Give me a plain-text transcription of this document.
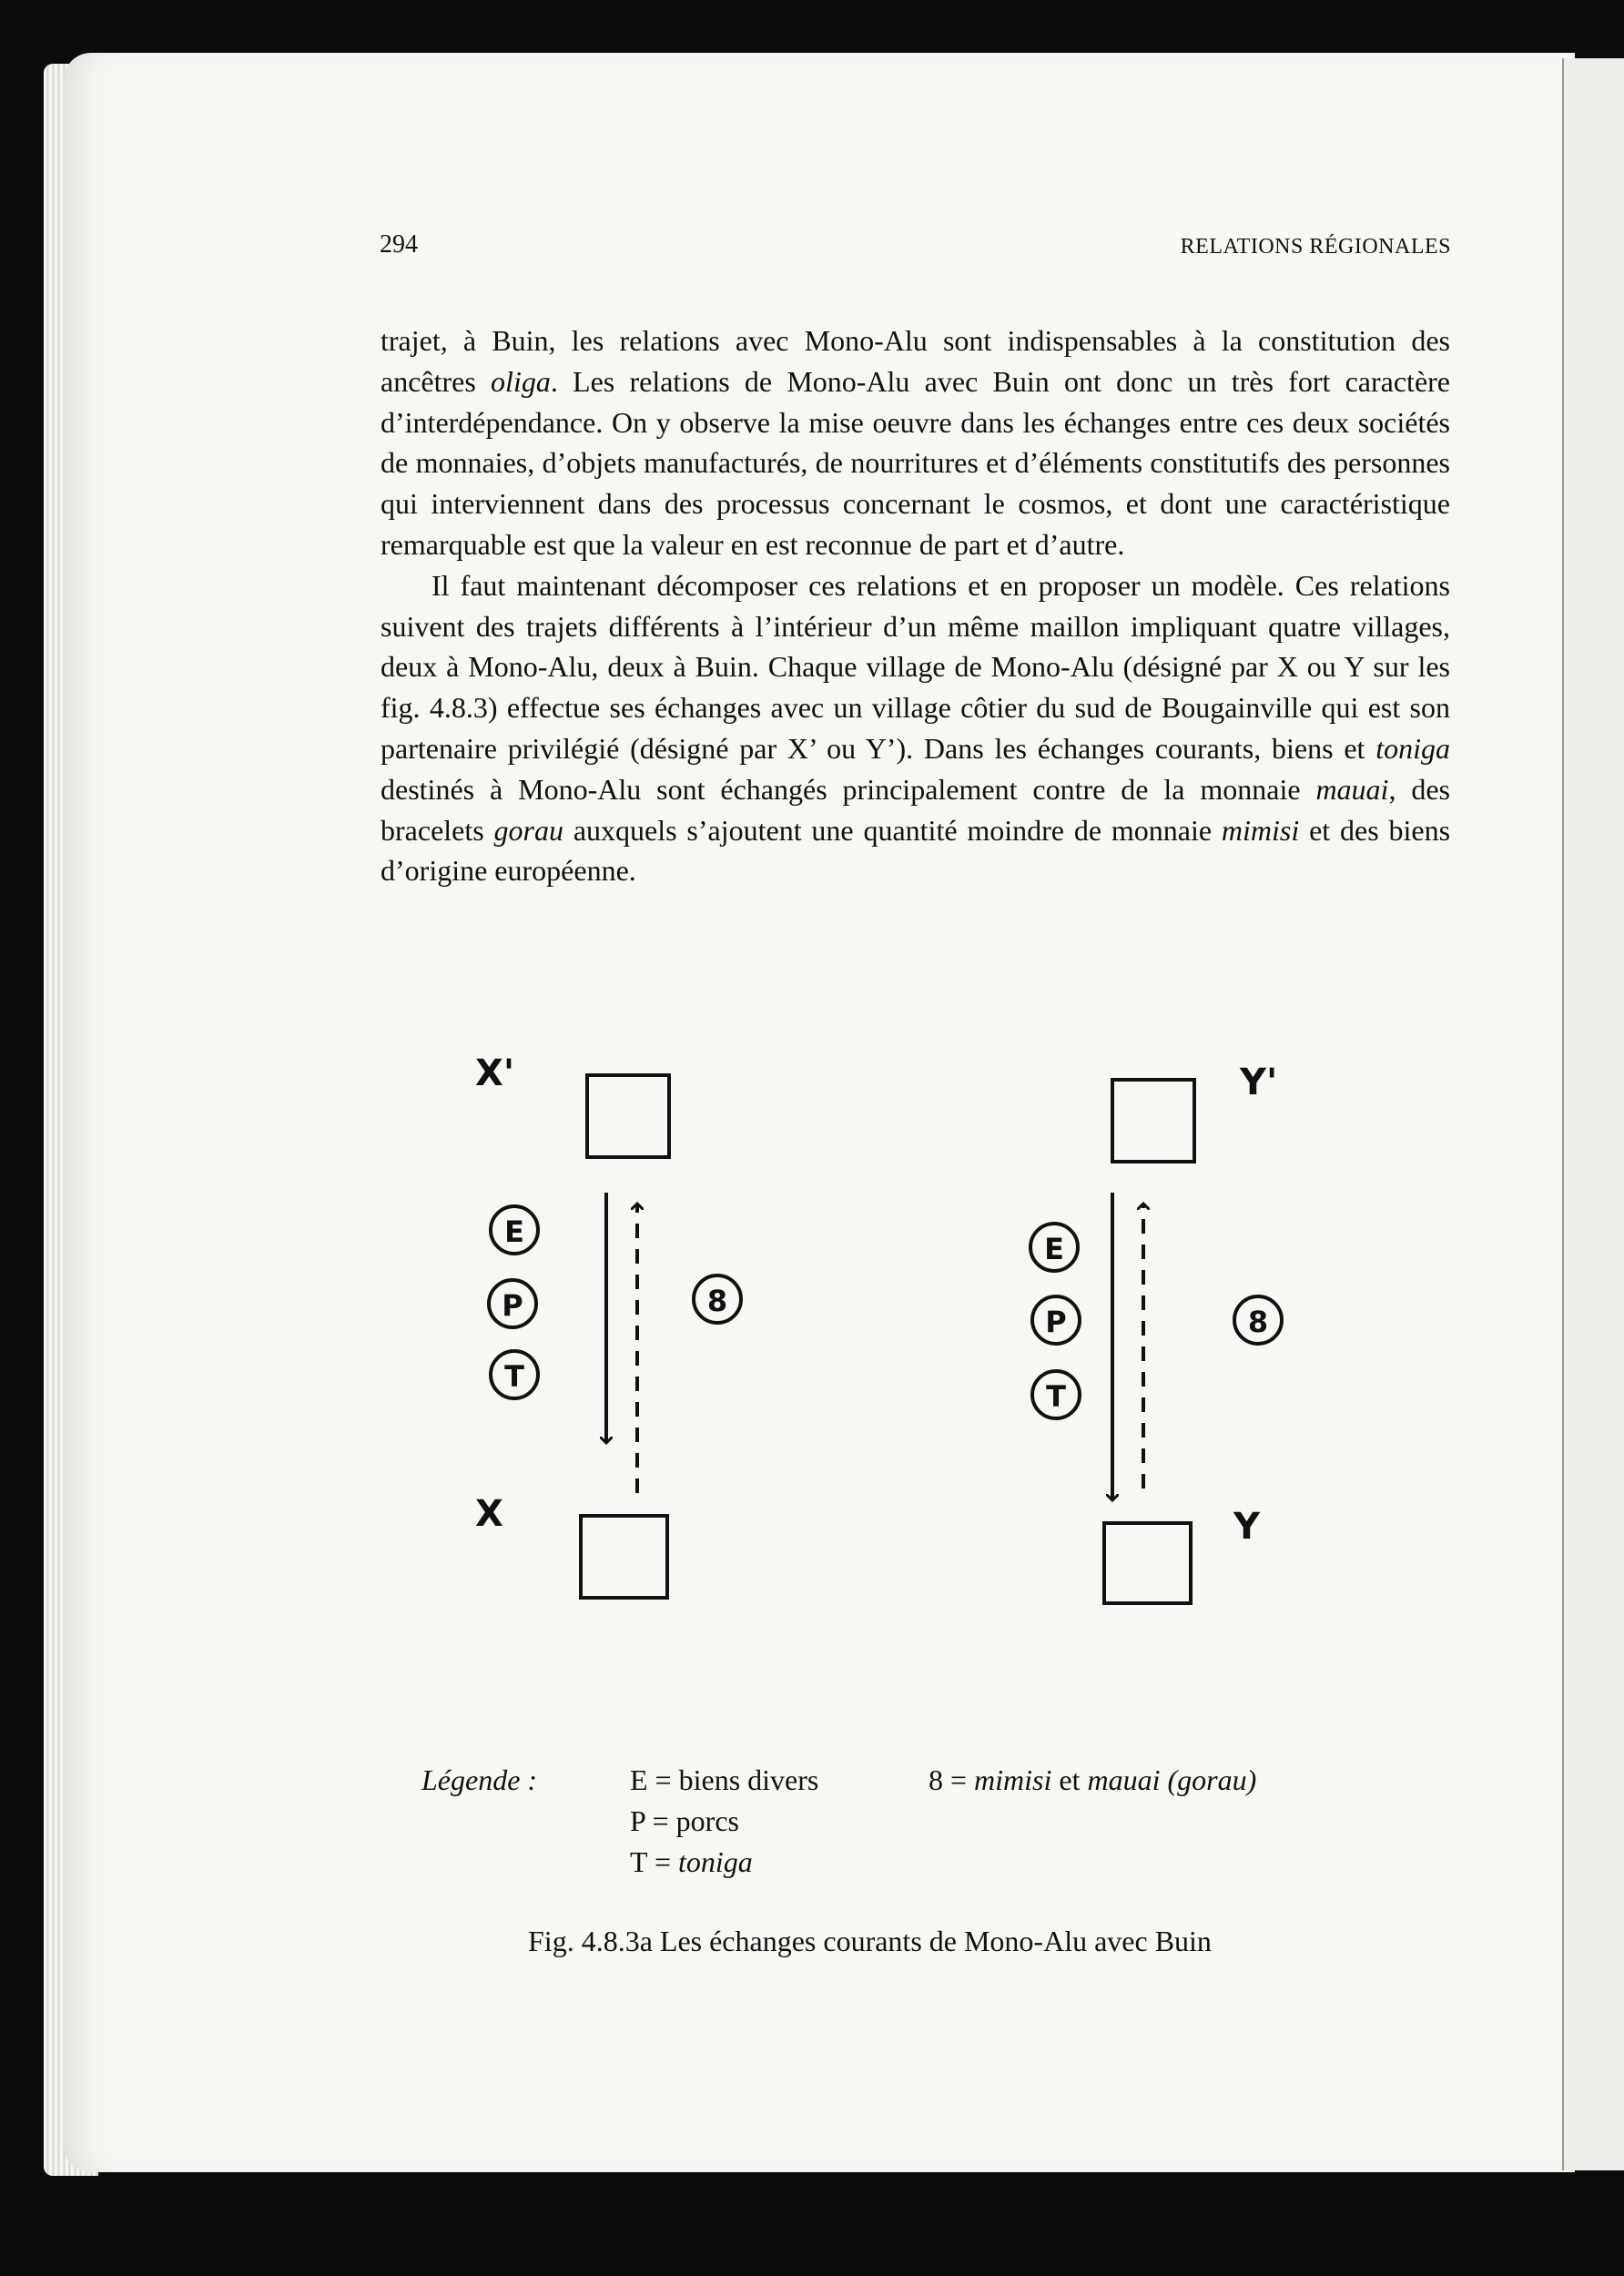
294	RELATIONS RÉGIONALES

trajet, à Buin, les relations avec Mono-Alu sont indispensables à la constitution des ancêtres oliga. Les relations de Mono-Alu avec Buin ont donc un très fort caractère d’interdépendance. On y observe la mise oeuvre dans les échanges entre ces deux sociétés de monnaies, d’objets manufacturés, de nourritures et d’éléments constitutifs des personnes qui interviennent dans des processus concernant le cosmos, et dont une caractéristique remarquable est que la valeur en est reconnue de part et d’autre.

Il faut maintenant décomposer ces relations et en proposer un modèle. Ces relations suivent des trajets différents à l’intérieur d’un même maillon impliquant quatre villages, deux à Mono-Alu, deux à Buin. Chaque village de Mono-Alu (désigné par X ou Y sur les fig. 4.8.3) effectue ses échanges avec un village côtier du sud de Bougainville qui est son partenaire privilégié (désigné par X’ ou Y’). Dans les échanges courants, biens et toniga destinés à Mono-Alu sont échangés principalement contre de la monnaie mauai, des bracelets gorau auxquels s’ajoutent une quantité moindre de monnaie mimisi et des biens d’origine européenne.

X'
X
E
P
T
8
Y'
Y
E
P
T
8
Légende :	E = biens divers
P = porcs
T = toniga
8 = mimisi et mauai (gorau)
Fig. 4.8.3a Les échanges courants de Mono-Alu avec Buin
